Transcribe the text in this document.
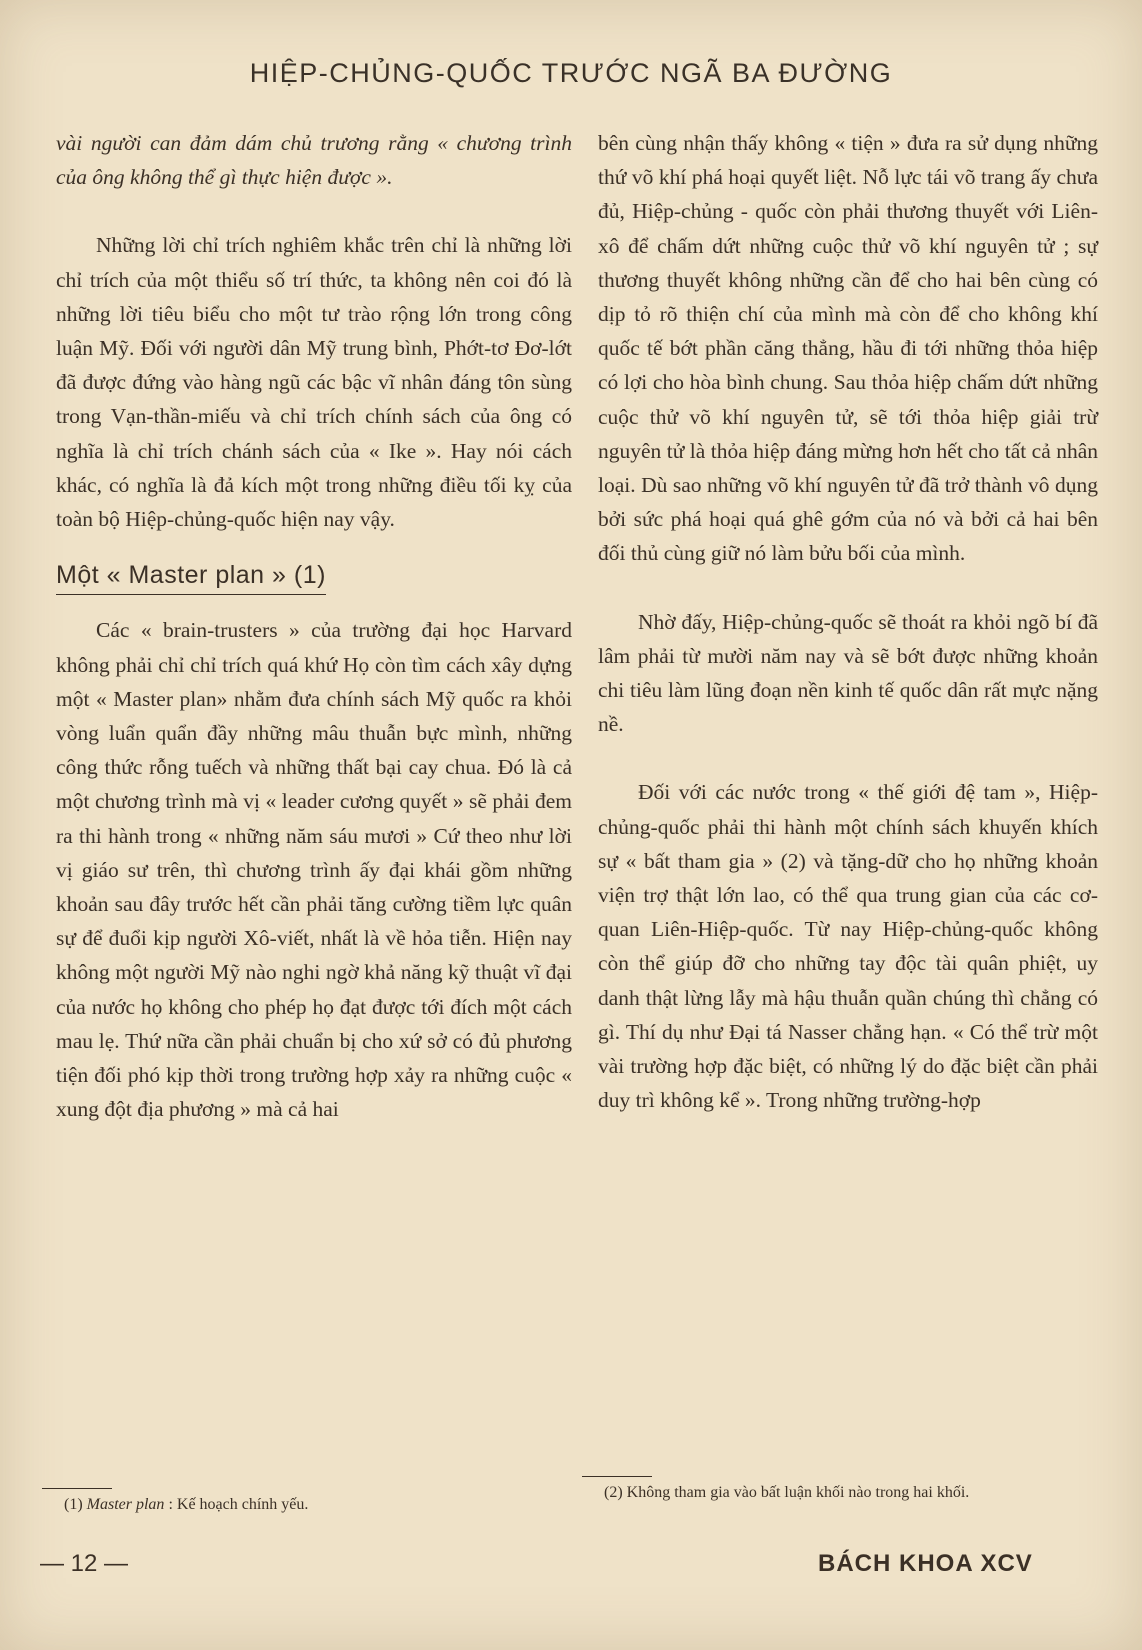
HIỆP-CHỦNG-QUỐC TRƯỚC NGÃ BA ĐƯỜNG

vài người can đảm dám chủ trương rằng « chương trình của ông không thể gì thực hiện được ».

Những lời chỉ trích nghiêm khắc trên chỉ là những lời chỉ trích của một thiểu số trí thức, ta không nên coi đó là những lời tiêu biểu cho một tư trào rộng lớn trong công luận Mỹ. Đối với người dân Mỹ trung bình, Phớt-tơ Đơ-lớt đã được đứng vào hàng ngũ các bậc vĩ nhân đáng tôn sùng trong Vạn-thần-miếu và chỉ trích chính sách của ông có nghĩa là chỉ trích chánh sách của « Ike ». Hay nói cách khác, có nghĩa là đả kích một trong những điều tối kỵ của toàn bộ Hiệp-chủng-quốc hiện nay vậy.

Một « Master plan » (1)

Các « brain-trusters » của trường đại học Harvard không phải chỉ chỉ trích quá khứ Họ còn tìm cách xây dựng một « Master plan» nhằm đưa chính sách Mỹ quốc ra khỏi vòng luẩn quẩn đầy những mâu thuẫn bực mình, những công thức rỗng tuếch và những thất bại cay chua. Đó là cả một chương trình mà vị « leader cương quyết » sẽ phải đem ra thi hành trong « những năm sáu mươi » Cứ theo như lời vị giáo sư trên, thì chương trình ấy đại khái gồm những khoản sau đây trước hết cần phải tăng cường tiềm lực quân sự để đuổi kịp người Xô-viết, nhất là về hỏa tiễn. Hiện nay không một người Mỹ nào nghi ngờ khả năng kỹ thuật vĩ đại của nước họ không cho phép họ đạt được tới đích một cách mau lẹ. Thứ nữa cần phải chuẩn bị cho xứ sở có đủ phương tiện đối phó kịp thời trong trường hợp xảy ra những cuộc « xung đột địa phương » mà cả hai

bên cùng nhận thấy không « tiện » đưa ra sử dụng những thứ võ khí phá hoại quyết liệt. Nỗ lực tái võ trang ấy chưa đủ, Hiệp-chủng - quốc còn phải thương thuyết với Liên-xô để chấm dứt những cuộc thử võ khí nguyên tử ; sự thương thuyết không những cần để cho hai bên cùng có dịp tỏ rõ thiện chí của mình mà còn để cho không khí quốc tế bớt phần căng thẳng, hầu đi tới những thỏa hiệp có lợi cho hòa bình chung. Sau thỏa hiệp chấm dứt những cuộc thử võ khí nguyên tử, sẽ tới thỏa hiệp giải trừ nguyên tử là thỏa hiệp đáng mừng hơn hết cho tất cả nhân loại. Dù sao những võ khí nguyên tử đã trở thành vô dụng bởi sức phá hoại quá ghê gớm của nó và bởi cả hai bên đối thủ cùng giữ nó làm bửu bối của mình.

Nhờ đấy, Hiệp-chủng-quốc sẽ thoát ra khỏi ngõ bí đã lâm phải từ mười năm nay và sẽ bớt được những khoản chi tiêu làm lũng đoạn nền kinh tế quốc dân rất mực nặng nề.

Đối với các nước trong « thế giới đệ tam », Hiệp-chủng-quốc phải thi hành một chính sách khuyến khích sự « bất tham gia » (2) và tặng-dữ cho họ những khoản viện trợ thật lớn lao, có thể qua trung gian của các cơ-quan Liên-Hiệp-quốc. Từ nay Hiệp-chủng-quốc không còn thể giúp đỡ cho những tay độc tài quân phiệt, uy danh thật lừng lẫy mà hậu thuẫn quần chúng thì chẳng có gì. Thí dụ như Đại tá Nasser chẳng hạn. « Có thể trừ một vài trường hợp đặc biệt, có những lý do đặc biệt cần phải duy trì không kể ». Trong những trường-hợp

(1) Master plan : Kế hoạch chính yếu.
(2) Không tham gia vào bất luận khối nào trong hai khối.
— 12 —	BÁCH KHOA XCV
